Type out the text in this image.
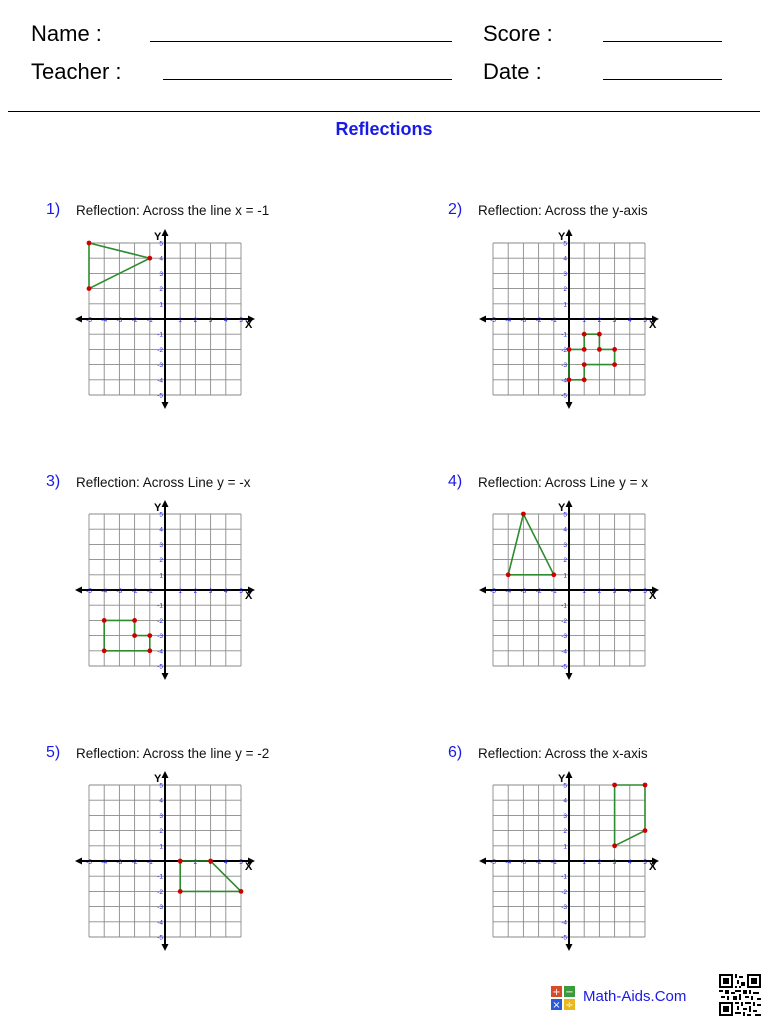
Name :
Teacher :
Score :
Date :
Reflections
1) Reflection: Across the line x = -1	2) Reflection: Across the y-axis
3) Reflection: Across Line y = -x	4) Reflection: Across Line y = x
5) Reflection: Across the line y = -2	6) Reflection: Across the x-axis
X
Y
-5
-5
-4
-4
-3
-3
-2
-2
-1
-1
1
1
2
2
3
3
4
4
5
5
X
Y
-5
-5
-4
-4
-3
-3
-2
-2
-1
-1
1
1
2
2
3
3
4
4
5
5
X
Y
-5
-5
-4
-4
-3
-3
-2
-2
-1
-1
1
1
2
2
3
3
4
4
5
5
X
Y
-5
-5
-4
-4
-3
-3
-2
-2
-1
-1
1
1
2
2
3
3
4
4
5
5
X
Y
-5
-5
-4
-4
-3
-3
-2
-2
-1
-1
1
2
2
3
4
4
5
5
X
Y
-5
-5
-4
-4
-3
-3
-2
-2
-1
-1
1
1
2
2
3
3
4
4
5
5
+ −
× ÷
Math-Aids.Com
